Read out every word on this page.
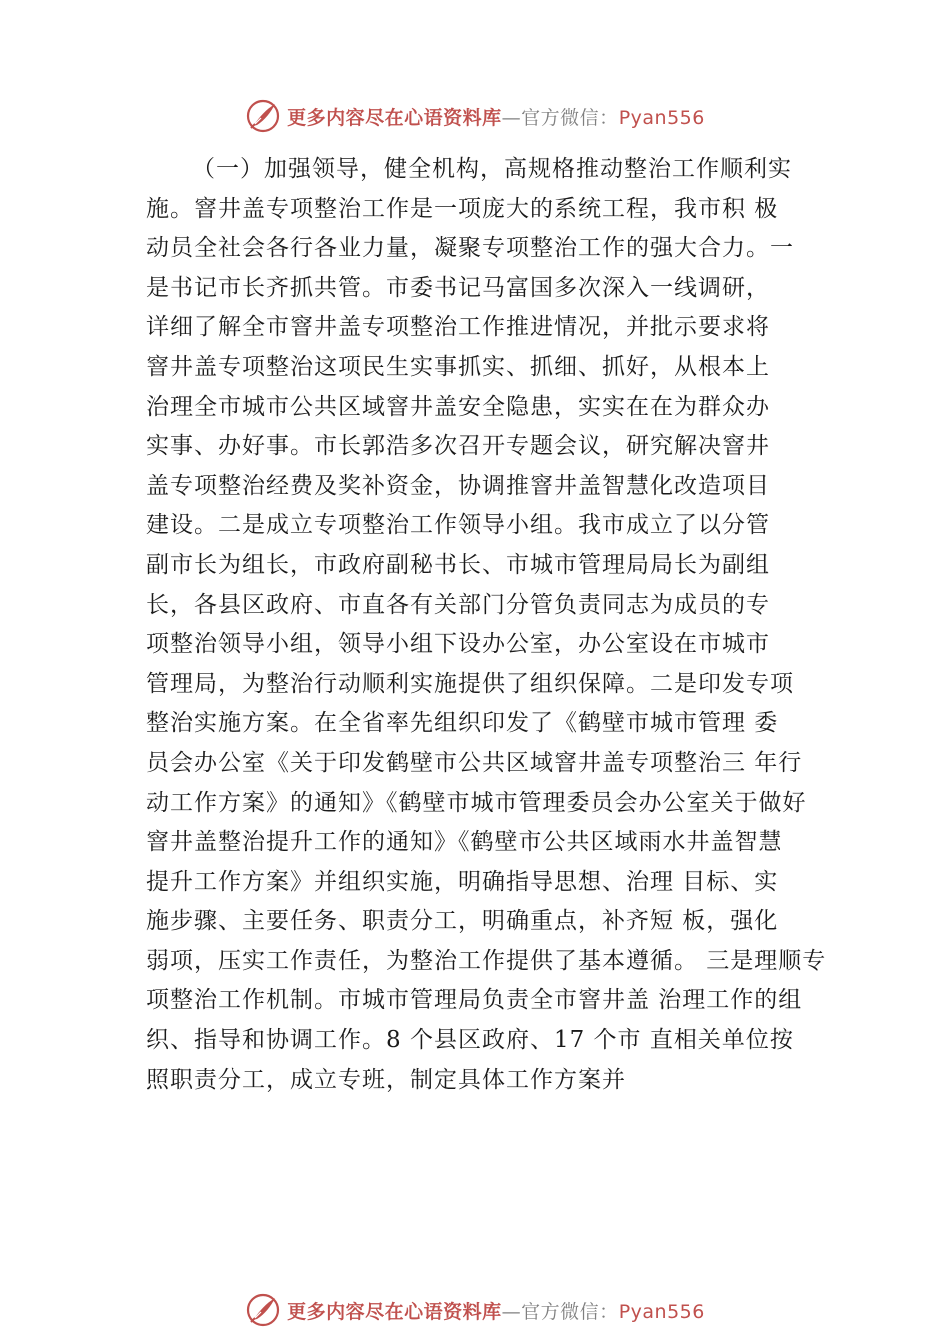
更多内容尽在心语资料库—官方微信：Pyan556
（一）加强领导，健全机构，高规格推动整治工作顺利实
施。窨井盖专项整治工作是一项庞大的系统工程，我市积 极
动员全社会各行各业力量，凝聚专项整治工作的强大合力。一
是书记市长齐抓共管。市委书记马富国多次深入一线调研，
详细了解全市窨井盖专项整治工作推进情况，并批示要求将
窨井盖专项整治这项民生实事抓实、抓细、抓好，从根本上
治理全市城市公共区域窨井盖安全隐患，实实在在为群众办
实事、办好事。市长郭浩多次召开专题会议，研究解决窨井
盖专项整治经费及奖补资金，协调推窨井盖智慧化改造项目
建设。二是成立专项整治工作领导小组。我市成立了以分管
副市长为组长，市政府副秘书长、市城市管理局局长为副组
长，各县区政府、市直各有关部门分管负责同志为成员的专
项整治领导小组，领导小组下设办公室，办公室设在市城市
管理局，为整治行动顺利实施提供了组织保障。二是印发专项
整治实施方案。在全省率先组织印发了《鹤壁市城市管理 委
员会办公室《关于印发鹤壁市公共区域窨井盖专项整治三 年行
动工作方案》的通知》《鹤壁市城市管理委员会办公室关于做好
窨井盖整治提升工作的通知》《鹤壁市公共区域雨水井盖智慧
提升工作方案》并组织实施，明确指导思想、治理 目标、实
施步骤、主要任务、职责分工，明确重点，补齐短 板，强化
弱项，压实工作责任，为整治工作提供了基本遵循。 三是理顺专
项整治工作机制。市城市管理局负责全市窨井盖 治理工作的组
织、指导和协调工作。8 个县区政府、17 个市 直相关单位按
照职责分工，成立专班，制定具体工作方案并
更多内容尽在心语资料库—官方微信：Pyan556
